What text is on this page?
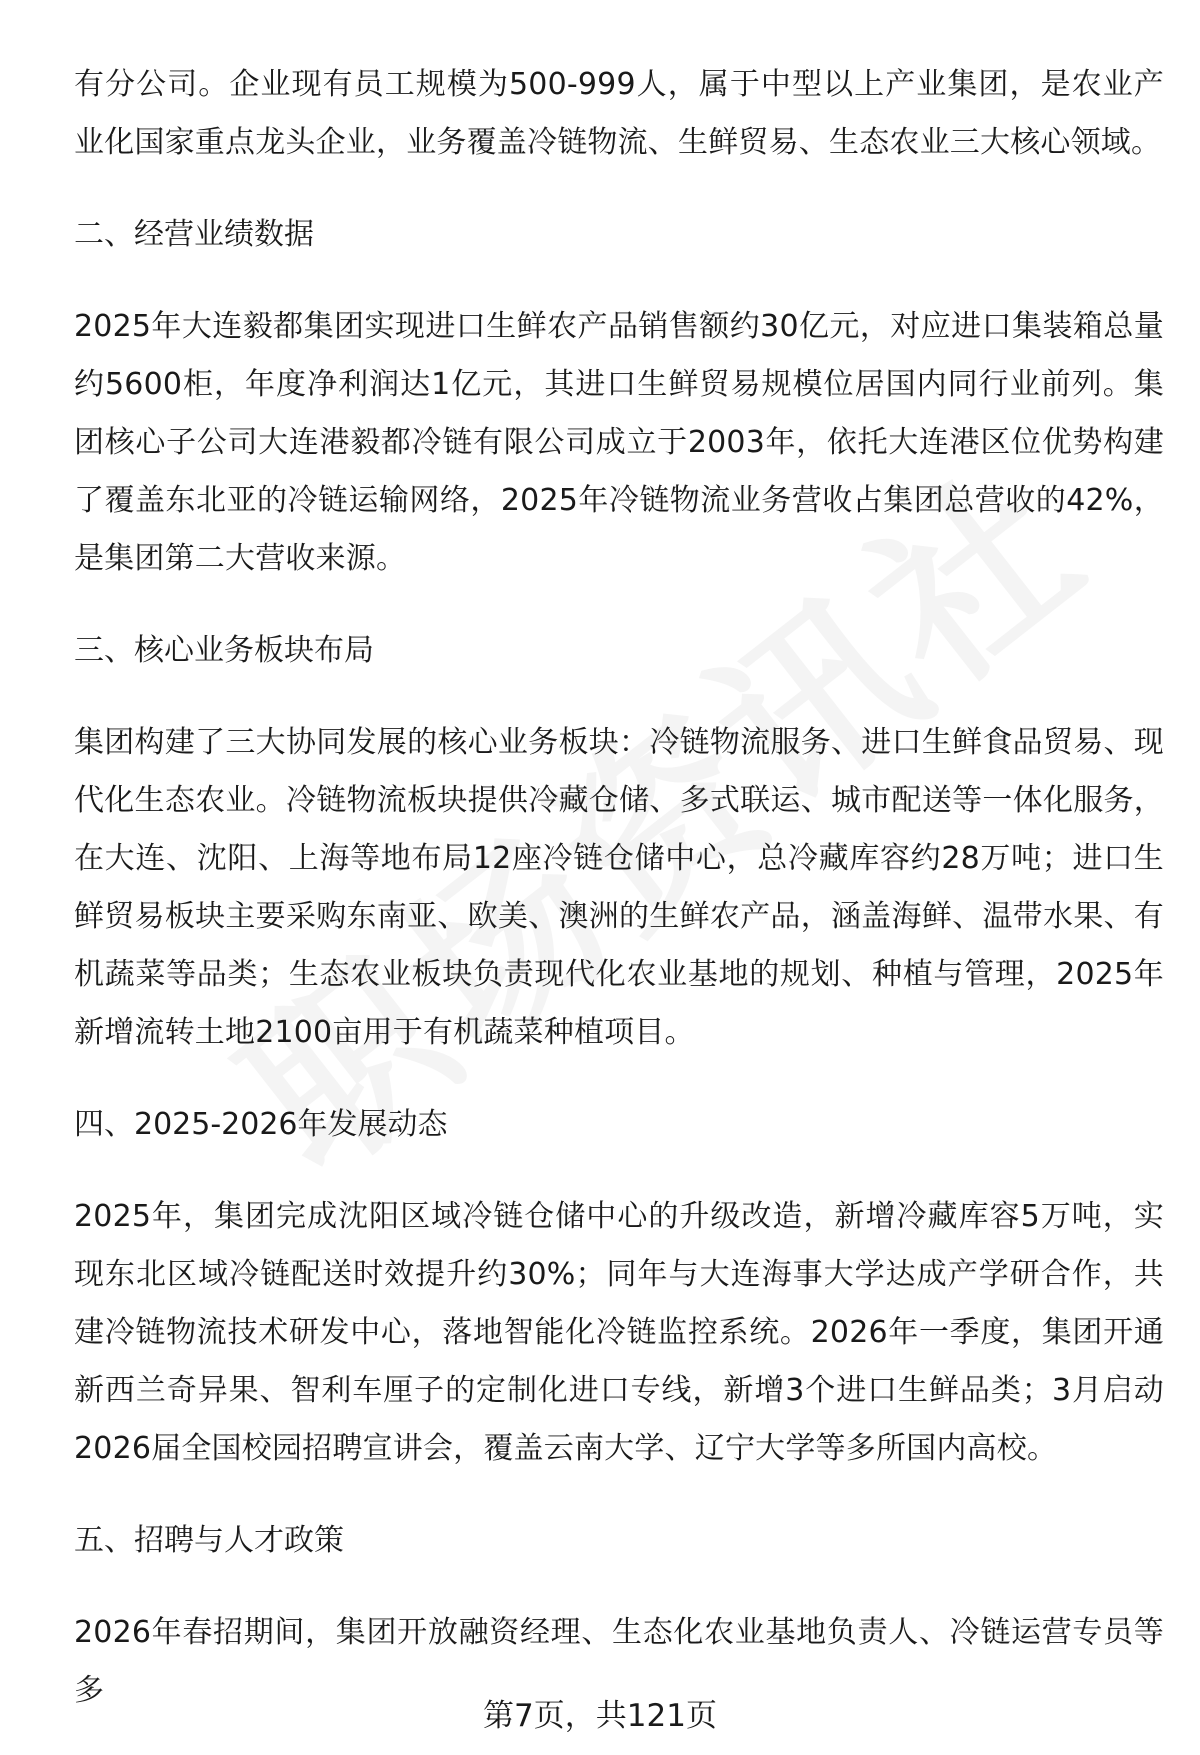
有分公司。企业现有员工规模为500-999人，属于中型以上产业集团，是农业产业化国家重点龙头企业，业务覆盖冷链物流、生鲜贸易、生态农业三大核心领域。

二、经营业绩数据

2025年大连毅都集团实现进口生鲜农产品销售额约30亿元，对应进口集装箱总量约5600柜，年度净利润达1亿元，其进口生鲜贸易规模位居国内同行业前列。集团核心子公司大连港毅都冷链有限公司成立于2003年，依托大连港区位优势构建了覆盖东北亚的冷链运输网络，2025年冷链物流业务营收占集团总营收的42%，是集团第二大营收来源。

三、核心业务板块布局

集团构建了三大协同发展的核心业务板块：冷链物流服务、进口生鲜食品贸易、现代化生态农业。冷链物流板块提供冷藏仓储、多式联运、城市配送等一体化服务，在大连、沈阳、上海等地布局12座冷链仓储中心，总冷藏库容约28万吨；进口生鲜贸易板块主要采购东南亚、欧美、澳洲的生鲜农产品，涵盖海鲜、温带水果、有机蔬菜等品类；生态农业板块负责现代化农业基地的规划、种植与管理，2025年新增流转土地2100亩用于有机蔬菜种植项目。

四、2025-2026年发展动态

2025年，集团完成沈阳区域冷链仓储中心的升级改造，新增冷藏库容5万吨，实现东北区域冷链配送时效提升约30%；同年与大连海事大学达成产学研合作，共建冷链物流技术研发中心，落地智能化冷链监控系统。2026年一季度，集团开通新西兰奇异果、智利车厘子的定制化进口专线，新增3个进口生鲜品类；3月启动2026届全国校园招聘宣讲会，覆盖云南大学、辽宁大学等多所国内高校。

五、招聘与人才政策

2026年春招期间，集团开放融资经理、生态化农业基地负责人、冷链运营专员等多

第7页，共121页
